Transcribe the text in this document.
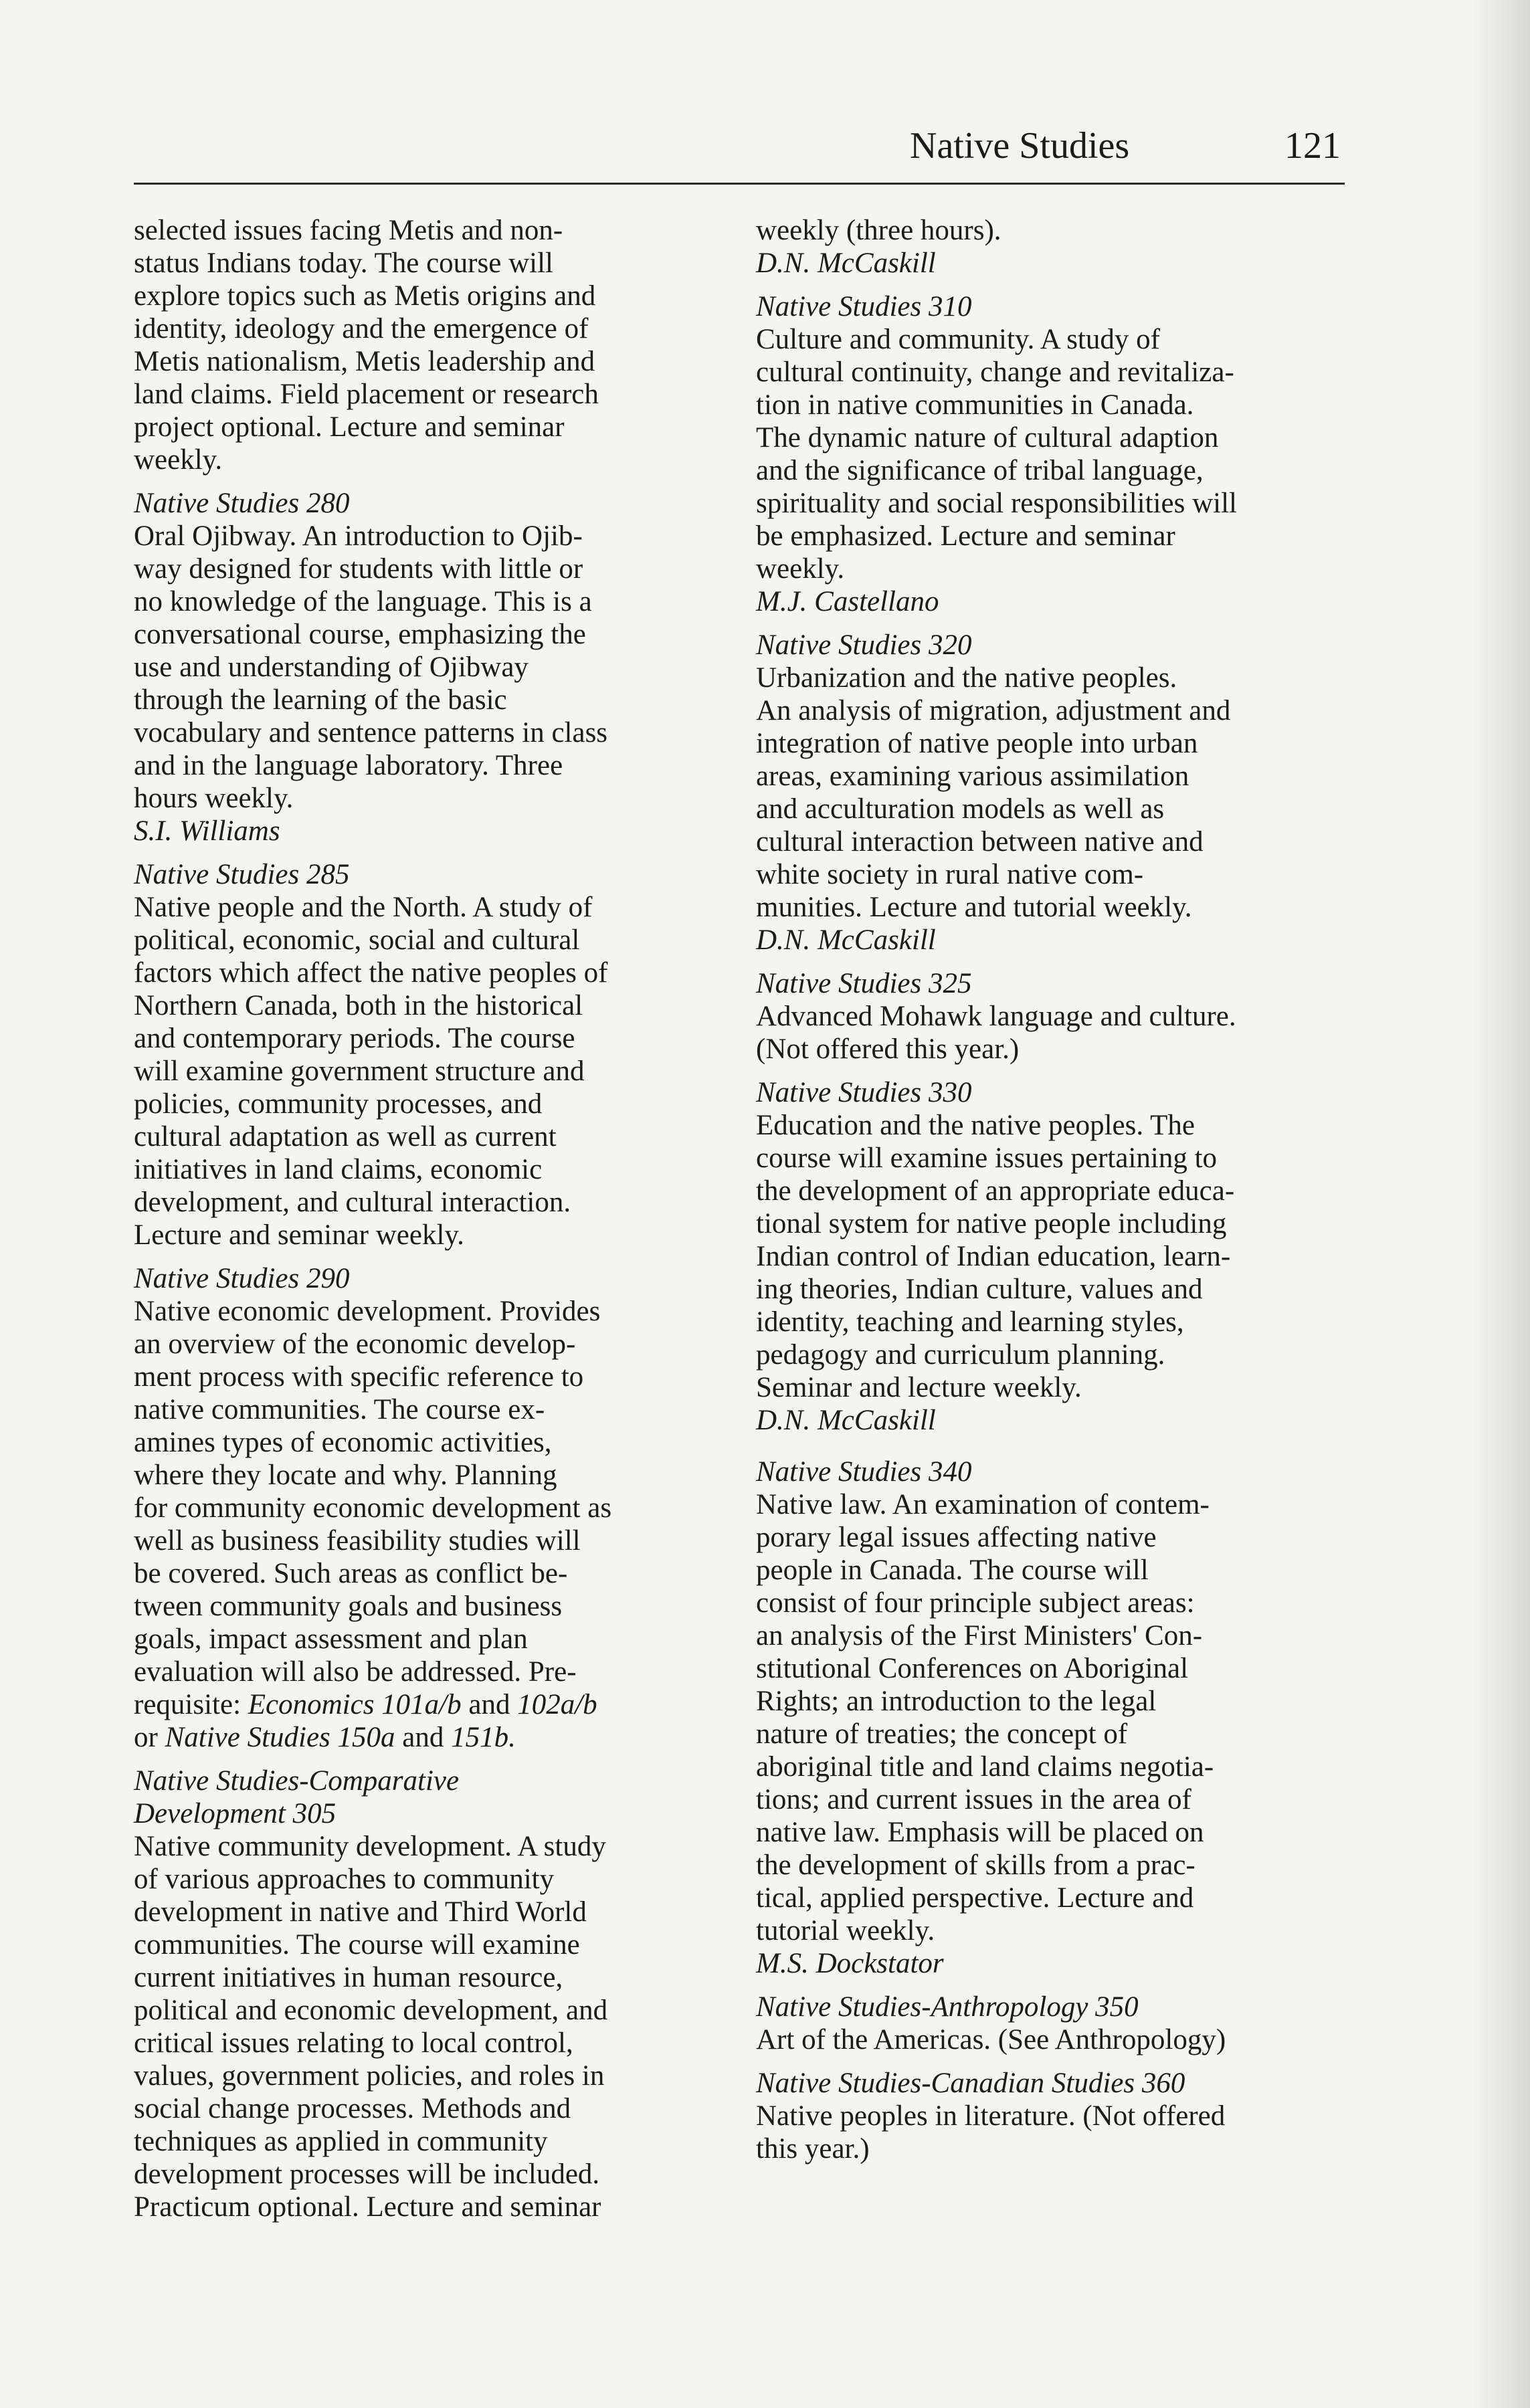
Native Studies	121
selected issues facing Metis and non-
status Indians today. The course will
explore topics such as Metis origins and
identity, ideology and the emergence of
Metis nationalism, Metis leadership and
land claims. Field placement or research
project optional. Lecture and seminar
weekly.
Native Studies 280
Oral Ojibway. An introduction to Ojib-
way designed for students with little or
no knowledge of the language. This is a
conversational course, emphasizing the
use and understanding of Ojibway
through the learning of the basic
vocabulary and sentence patterns in class
and in the language laboratory. Three
hours weekly.
S.I. Williams
Native Studies 285
Native people and the North. A study of
political, economic, social and cultural
factors which affect the native peoples of
Northern Canada, both in the historical
and contemporary periods. The course
will examine government structure and
policies, community processes, and
cultural adaptation as well as current
initiatives in land claims, economic
development, and cultural interaction.
Lecture and seminar weekly.
Native Studies 290
Native economic development. Provides
an overview of the economic develop-
ment process with specific reference to
native communities. The course ex-
amines types of economic activities,
where they locate and why. Planning
for community economic development as
well as business feasibility studies will
be covered. Such areas as conflict be-
tween community goals and business
goals, impact assessment and plan
evaluation will also be addressed. Pre-
requisite: Economics 101a/b and 102a/b
or Native Studies 150a and 151b.
Native Studies-Comparative
Development 305
Native community development. A study
of various approaches to community
development in native and Third World
communities. The course will examine
current initiatives in human resource,
political and economic development, and
critical issues relating to local control,
values, government policies, and roles in
social change processes. Methods and
techniques as applied in community
development processes will be included.
Practicum optional. Lecture and seminar
weekly (three hours).
D.N. McCaskill
Native Studies 310
Culture and community. A study of
cultural continuity, change and revitaliza-
tion in native communities in Canada.
The dynamic nature of cultural adaption
and the significance of tribal language,
spirituality and social responsibilities will
be emphasized. Lecture and seminar
weekly.
M.J. Castellano
Native Studies 320
Urbanization and the native peoples.
An analysis of migration, adjustment and
integration of native people into urban
areas, examining various assimilation
and acculturation models as well as
cultural interaction between native and
white society in rural native com-
munities. Lecture and tutorial weekly.
D.N. McCaskill
Native Studies 325
Advanced Mohawk language and culture.
(Not offered this year.)
Native Studies 330
Education and the native peoples. The
course will examine issues pertaining to
the development of an appropriate educa-
tional system for native people including
Indian control of Indian education, learn-
ing theories, Indian culture, values and
identity, teaching and learning styles,
pedagogy and curriculum planning.
Seminar and lecture weekly.
D.N. McCaskill
Native Studies 340
Native law. An examination of contem-
porary legal issues affecting native
people in Canada. The course will
consist of four principle subject areas:
an analysis of the First Ministers' Con-
stitutional Conferences on Aboriginal
Rights; an introduction to the legal
nature of treaties; the concept of
aboriginal title and land claims negotia-
tions; and current issues in the area of
native law. Emphasis will be placed on
the development of skills from a prac-
tical, applied perspective. Lecture and
tutorial weekly.
M.S. Dockstator
Native Studies-Anthropology 350
Art of the Americas. (See Anthropology)
Native Studies-Canadian Studies 360
Native peoples in literature. (Not offered
this year.)
